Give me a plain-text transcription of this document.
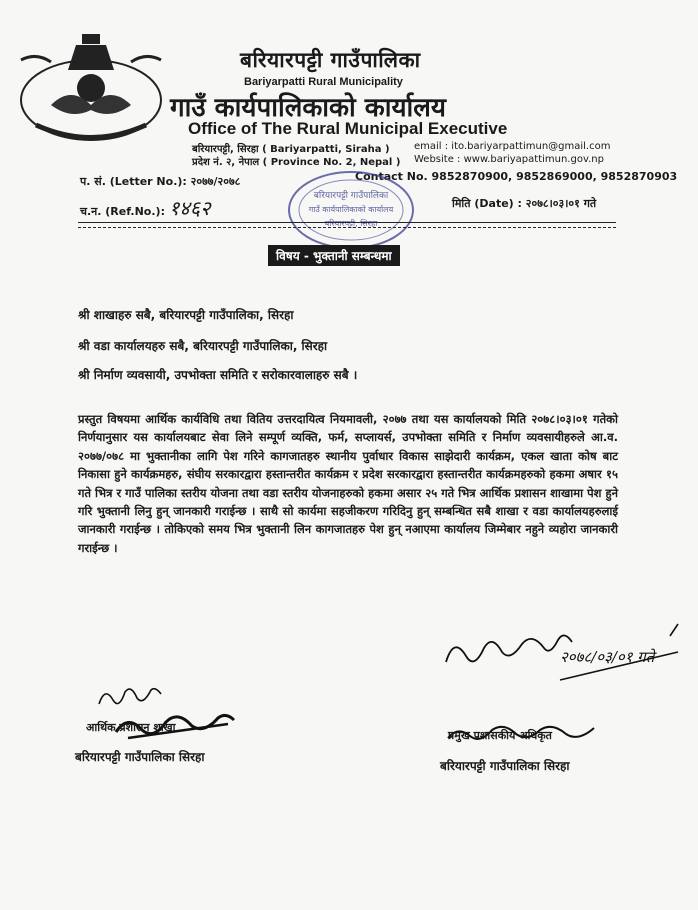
बरियारपट्टी गाउँपालिका
Bariyarpatti Rural Municipality
गाउँ कार्यपालिकाको कार्यालय
Office of The Rural Municipal Executive
बरियारपट्टी, सिरहा ( Bariyarpatti, Siraha )
प्रदेश नं. २, नेपाल ( Province No. 2, Nepal )
email : ito.bariyarpattimun@gmail.com
Website : www.bariyapattimun.gov.np
प. सं. (Letter No.): २०७७/२०७८
च.न. (Ref.No.): १४६२
Contact No. 9852870900, 9852869000, 9852870903
मिति (Date) : २०७८।०३।०१ गते
बरियारपट्टी गाउँपालिका
गाउँ कार्यपालिकाको कार्यालय
बरियारपट्टी, सिरहा
विषय - भुक्तानी सम्बन्धमा
श्री शाखाहरु सबै, बरियारपट्टी गाउँपालिका, सिरहा
श्री वडा कार्यालयहरु सबै, बरियारपट्टी गाउँपालिका, सिरहा
श्री निर्माण व्यवसायी, उपभोक्ता समिति र सरोकारवालाहरु सबै ।
प्रस्तुत विषयमा आर्थिक कार्यविधि तथा वितिय उत्तरदायित्व नियमावली, २०७७ तथा यस कार्यालयको मिति २०७८।०३।०१ गतेको निर्णयानुसार यस कार्यालयबाट सेवा लिने सम्पूर्ण व्यक्ति, फर्म, सप्लायर्स, उपभोक्ता समिति र निर्माण व्यवसायीहरुले आ.व. २०७७/०७८ मा भुक्तानीका लागि पेश गरिने कागजातहरु स्थानीय पुर्वाधार विकास साझेदारी कार्यक्रम, एकल खाता कोष बाट निकासा हुने कार्यक्रमहरु, संघीय सरकारद्वारा हस्तान्तरीत कार्यक्रम र प्रदेश सरकारद्वारा हस्तान्तरीत कार्यक्रमहरुको हकमा अषार १५ गते भित्र र गाउँ पालिका स्तरीय योजना तथा वडा स्तरीय योजनाहरुको हकमा असार २५ गते भित्र आर्थिक प्रशासन शाखामा पेश हुने गरि भुक्तानी लिनु हुन् जानकारी गराईन्छ । साथै सो कार्यमा सहजीकरण गरिदिनु हुन् सम्बन्धित सबै शाखा र वडा कार्यालयहरुलाई जानकारी गराईन्छ । तोकिएको समय भित्र भुक्तानी लिन कागजातहरु पेश हुन् नआएमा कार्यालय जिम्मेबार नहुने व्यहोरा जानकारी गराईन्छ ।
आर्थिक प्रशासन शाखा
बरियारपट्टी गाउँपालिका सिरहा
२०७८/०३/०१ गते
प्रमुख प्रशासकीय अधिकृत
बरियारपट्टी गाउँपालिका सिरहा
